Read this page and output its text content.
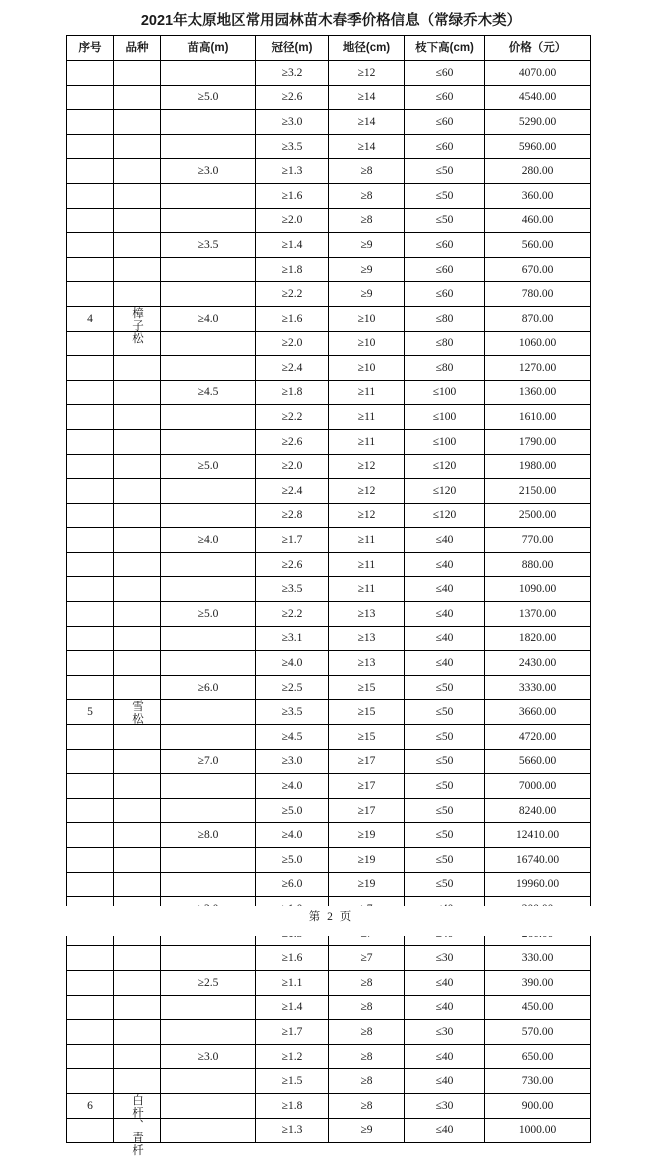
2021年太原地区常用园林苗木春季价格信息（常绿乔木类）
序号	品种	苗高(m)	冠径(m)	地径(cm)	枝下高(cm)	价格（元）
			≥3.2	≥12	≤60	4070.00
		≥5.0	≥2.6	≥14	≤60	4540.00
			≥3.0	≥14	≤60	5290.00
			≥3.5	≥14	≤60	5960.00
		≥3.0	≥1.3	≥8	≤50	280.00
			≥1.6	≥8	≤50	360.00
			≥2.0	≥8	≤50	460.00
		≥3.5	≥1.4	≥9	≤60	560.00
			≥1.8	≥9	≤60	670.00
			≥2.2	≥9	≤60	780.00
4	樟子松	≥4.0	≥1.6	≥10	≤80	870.00
			≥2.0	≥10	≤80	1060.00
			≥2.4	≥10	≤80	1270.00
		≥4.5	≥1.8	≥11	≤100	1360.00
			≥2.2	≥11	≤100	1610.00
			≥2.6	≥11	≤100	1790.00
		≥5.0	≥2.0	≥12	≤120	1980.00
			≥2.4	≥12	≤120	2150.00
			≥2.8	≥12	≤120	2500.00
		≥4.0	≥1.7	≥11	≤40	770.00
			≥2.6	≥11	≤40	880.00
			≥3.5	≥11	≤40	1090.00
		≥5.0	≥2.2	≥13	≤40	1370.00
			≥3.1	≥13	≤40	1820.00
			≥4.0	≥13	≤40	2430.00
		≥6.0	≥2.5	≥15	≤50	3330.00
5	雪松		≥3.5	≥15	≤50	3660.00
			≥4.5	≥15	≤50	4720.00
		≥7.0	≥3.0	≥17	≤50	5660.00
			≥4.0	≥17	≤50	7000.00
			≥5.0	≥17	≤50	8240.00
		≥8.0	≥4.0	≥19	≤50	12410.00
			≥5.0	≥19	≤50	16740.00
			≥6.0	≥19	≤50	19960.00

			≥1.6	≥7	≤30	330.00
		≥2.5	≥1.1	≥8	≤40	390.00
			≥1.4	≥8	≤40	450.00
			≥1.7	≥8	≤30	570.00
		≥3.0	≥1.2	≥8	≤40	650.00
			≥1.5	≥8	≤40	730.00
6	白杆、青杄		≥1.8	≥8	≤30	900.00
			≥1.3	≥9	≤40	1000.00
第 2 页
